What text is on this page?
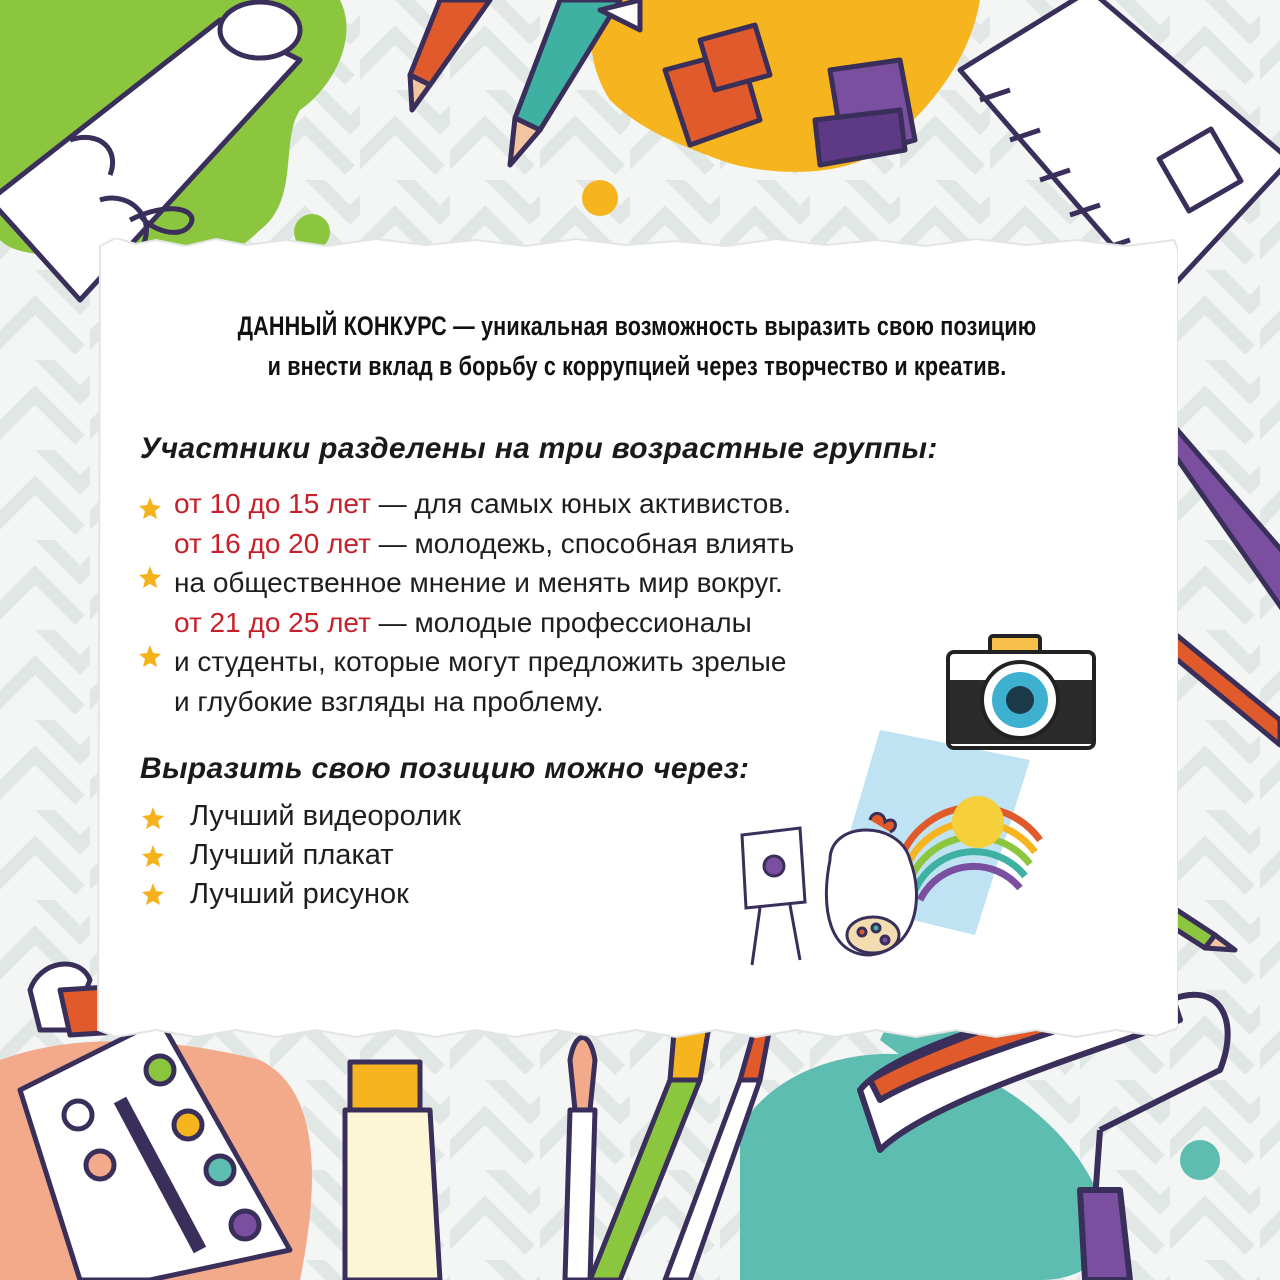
ДАННЫЙ КОНКУРС — уникальная возможность выразить свою позицию
и внести вклад в борьбу с коррупцией через творчество и креатив.
Участники разделены на три возрастные группы:
от 10 до 15 лет — для самых юных активистов.
от 16 до 20 лет — молодежь, способная влиять
на общественное мнение и менять мир вокруг.
от 21 до 25 лет — молодые профессионалы
и студенты, которые могут предложить зрелые
и глубокие взгляды на проблему.
Выразить свою позицию можно через:
Лучший видеоролик
Лучший плакат
Лучший рисунок
